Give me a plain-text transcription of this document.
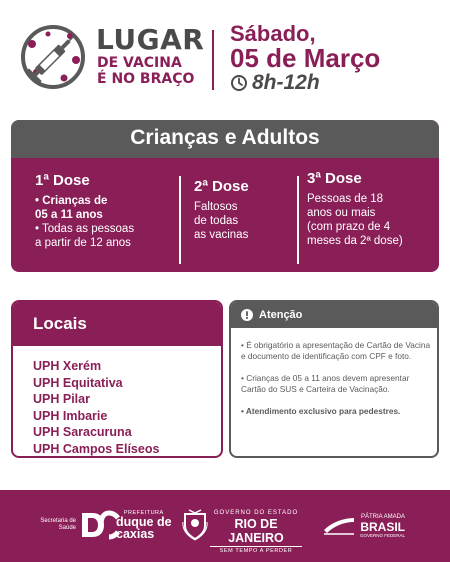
LUGAR
DE VACINA
É NO BRAÇO
Sábado,
05 de Março
8h-12h
Crianças e Adultos
1ª Dose
• Crianças de
05 a 11 anos
• Todas as pessoas
a partir de 12 anos
2ª Dose
Faltosos
de todas
as vacinas
3ª Dose
Pessoas de 18
anos ou mais
(com prazo de 4
meses da 2ª dose)
Locais
UPH Xerém
UPH Equitativa
UPH Pilar
UPH Imbarie
UPH Saracuruna
UPH Campos Elíseos
Atenção

• É obrigatório a apresentação de Cartão de Vacina e documento de identificação com CPF e foto.

• Crianças de 05 a 11 anos devem apresentar Cartão do SUS e Carteira de Vacinação.

• Atendimento exclusivo para pedestres.

Secretaria de
Saúde
PREFEITURA
duque de
caxias
GOVERNO DO ESTADO
RIO DE JANEIRO
SEM TEMPO A PERDER
PÁTRIA AMADA
BRASIL
GOVERNO FEDERAL
